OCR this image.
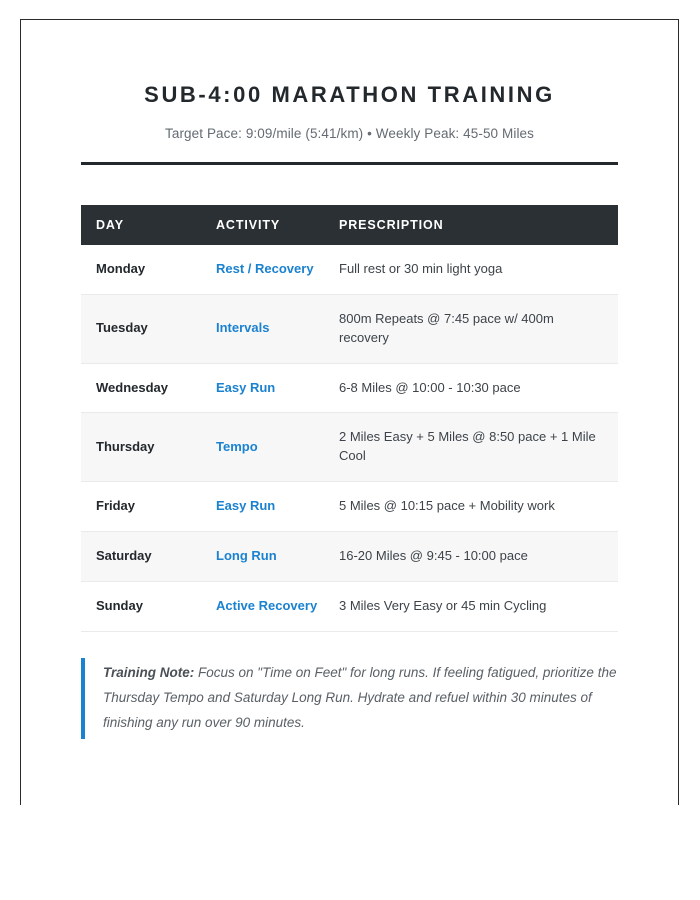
SUB-4:00 MARATHON TRAINING

Target Pace: 9:09/mile (5:41/km) • Weekly Peak: 45-50 Miles

DAY	ACTIVITY	PRESCRIPTION
Monday	Rest / Recovery	Full rest or 30 min light yoga
Tuesday	Intervals	800m Repeats @ 7:45 pace w/ 400m recovery
Wednesday	Easy Run	6-8 Miles @ 10:00 - 10:30 pace
Thursday	Tempo	2 Miles Easy + 5 Miles @ 8:50 pace + 1 Mile Cool
Friday	Easy Run	5 Miles @ 10:15 pace + Mobility work
Saturday	Long Run	16-20 Miles @ 9:45 - 10:00 pace
Sunday	Active Recovery	3 Miles Very Easy or 45 min Cycling
Training Note: Focus on "Time on Feet" for long runs. If feeling fatigued, prioritize the Thursday Tempo and Saturday Long Run. Hydrate and refuel within 30 minutes of finishing any run over 90 minutes.
